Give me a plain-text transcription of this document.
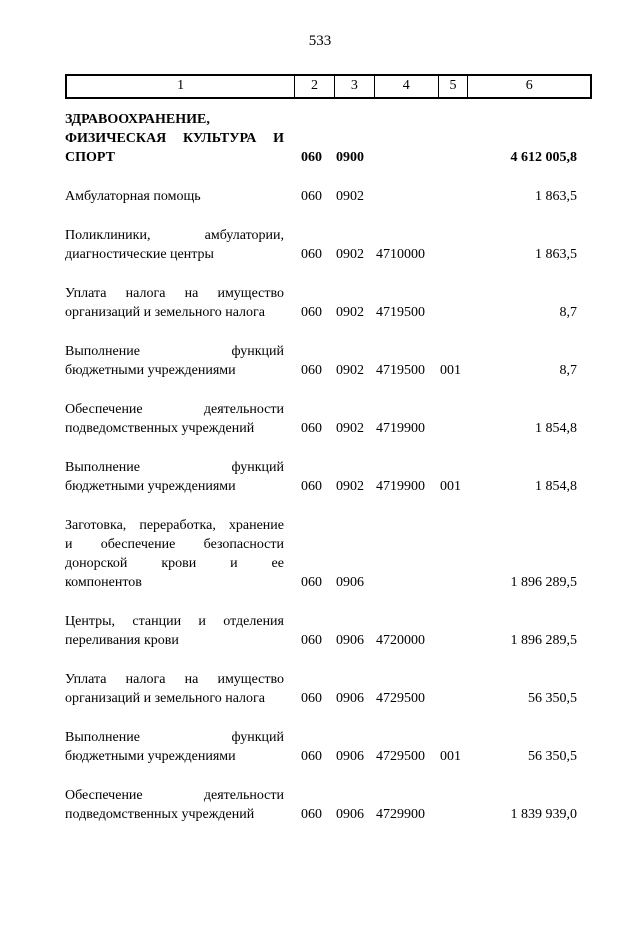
533
1	2	3	4	5	6
ЗДРАВООХРАНЕНИЕ,
ФИЗИЧЕСКАЯ КУЛЬТУРА И
СПОРТ	060	0900	4 612 005,8
Амбулаторная помощь	060	0902	1 863,5
Поликлиники, амбулатории,
диагностические центры	060	0902 4710000	1 863,5
Уплата налога на имущество
организаций и земельного налога	060	0902 4719500	8,7
Выполнение функций
бюджетными учреждениями	060	0902 4719500	001	8,7
Обеспечение деятельности
подведомственных учреждений	060	0902 4719900	1 854,8
Выполнение функций
бюджетными учреждениями	060	0902 4719900	001	1 854,8
Заготовка, переработка, хранение
и обеспечение безопасности
донорской крови и ее
компонентов	060	0906	1 896 289,5
Центры, станции и отделения
переливания крови	060	0906 4720000	1 896 289,5
Уплата налога на имущество
организаций и земельного налога	060	0906 4729500	56 350,5
Выполнение функций
бюджетными учреждениями	060	0906 4729500	001	56 350,5
Обеспечение деятельности
подведомственных учреждений	060	0906 4729900	1 839 939,0
